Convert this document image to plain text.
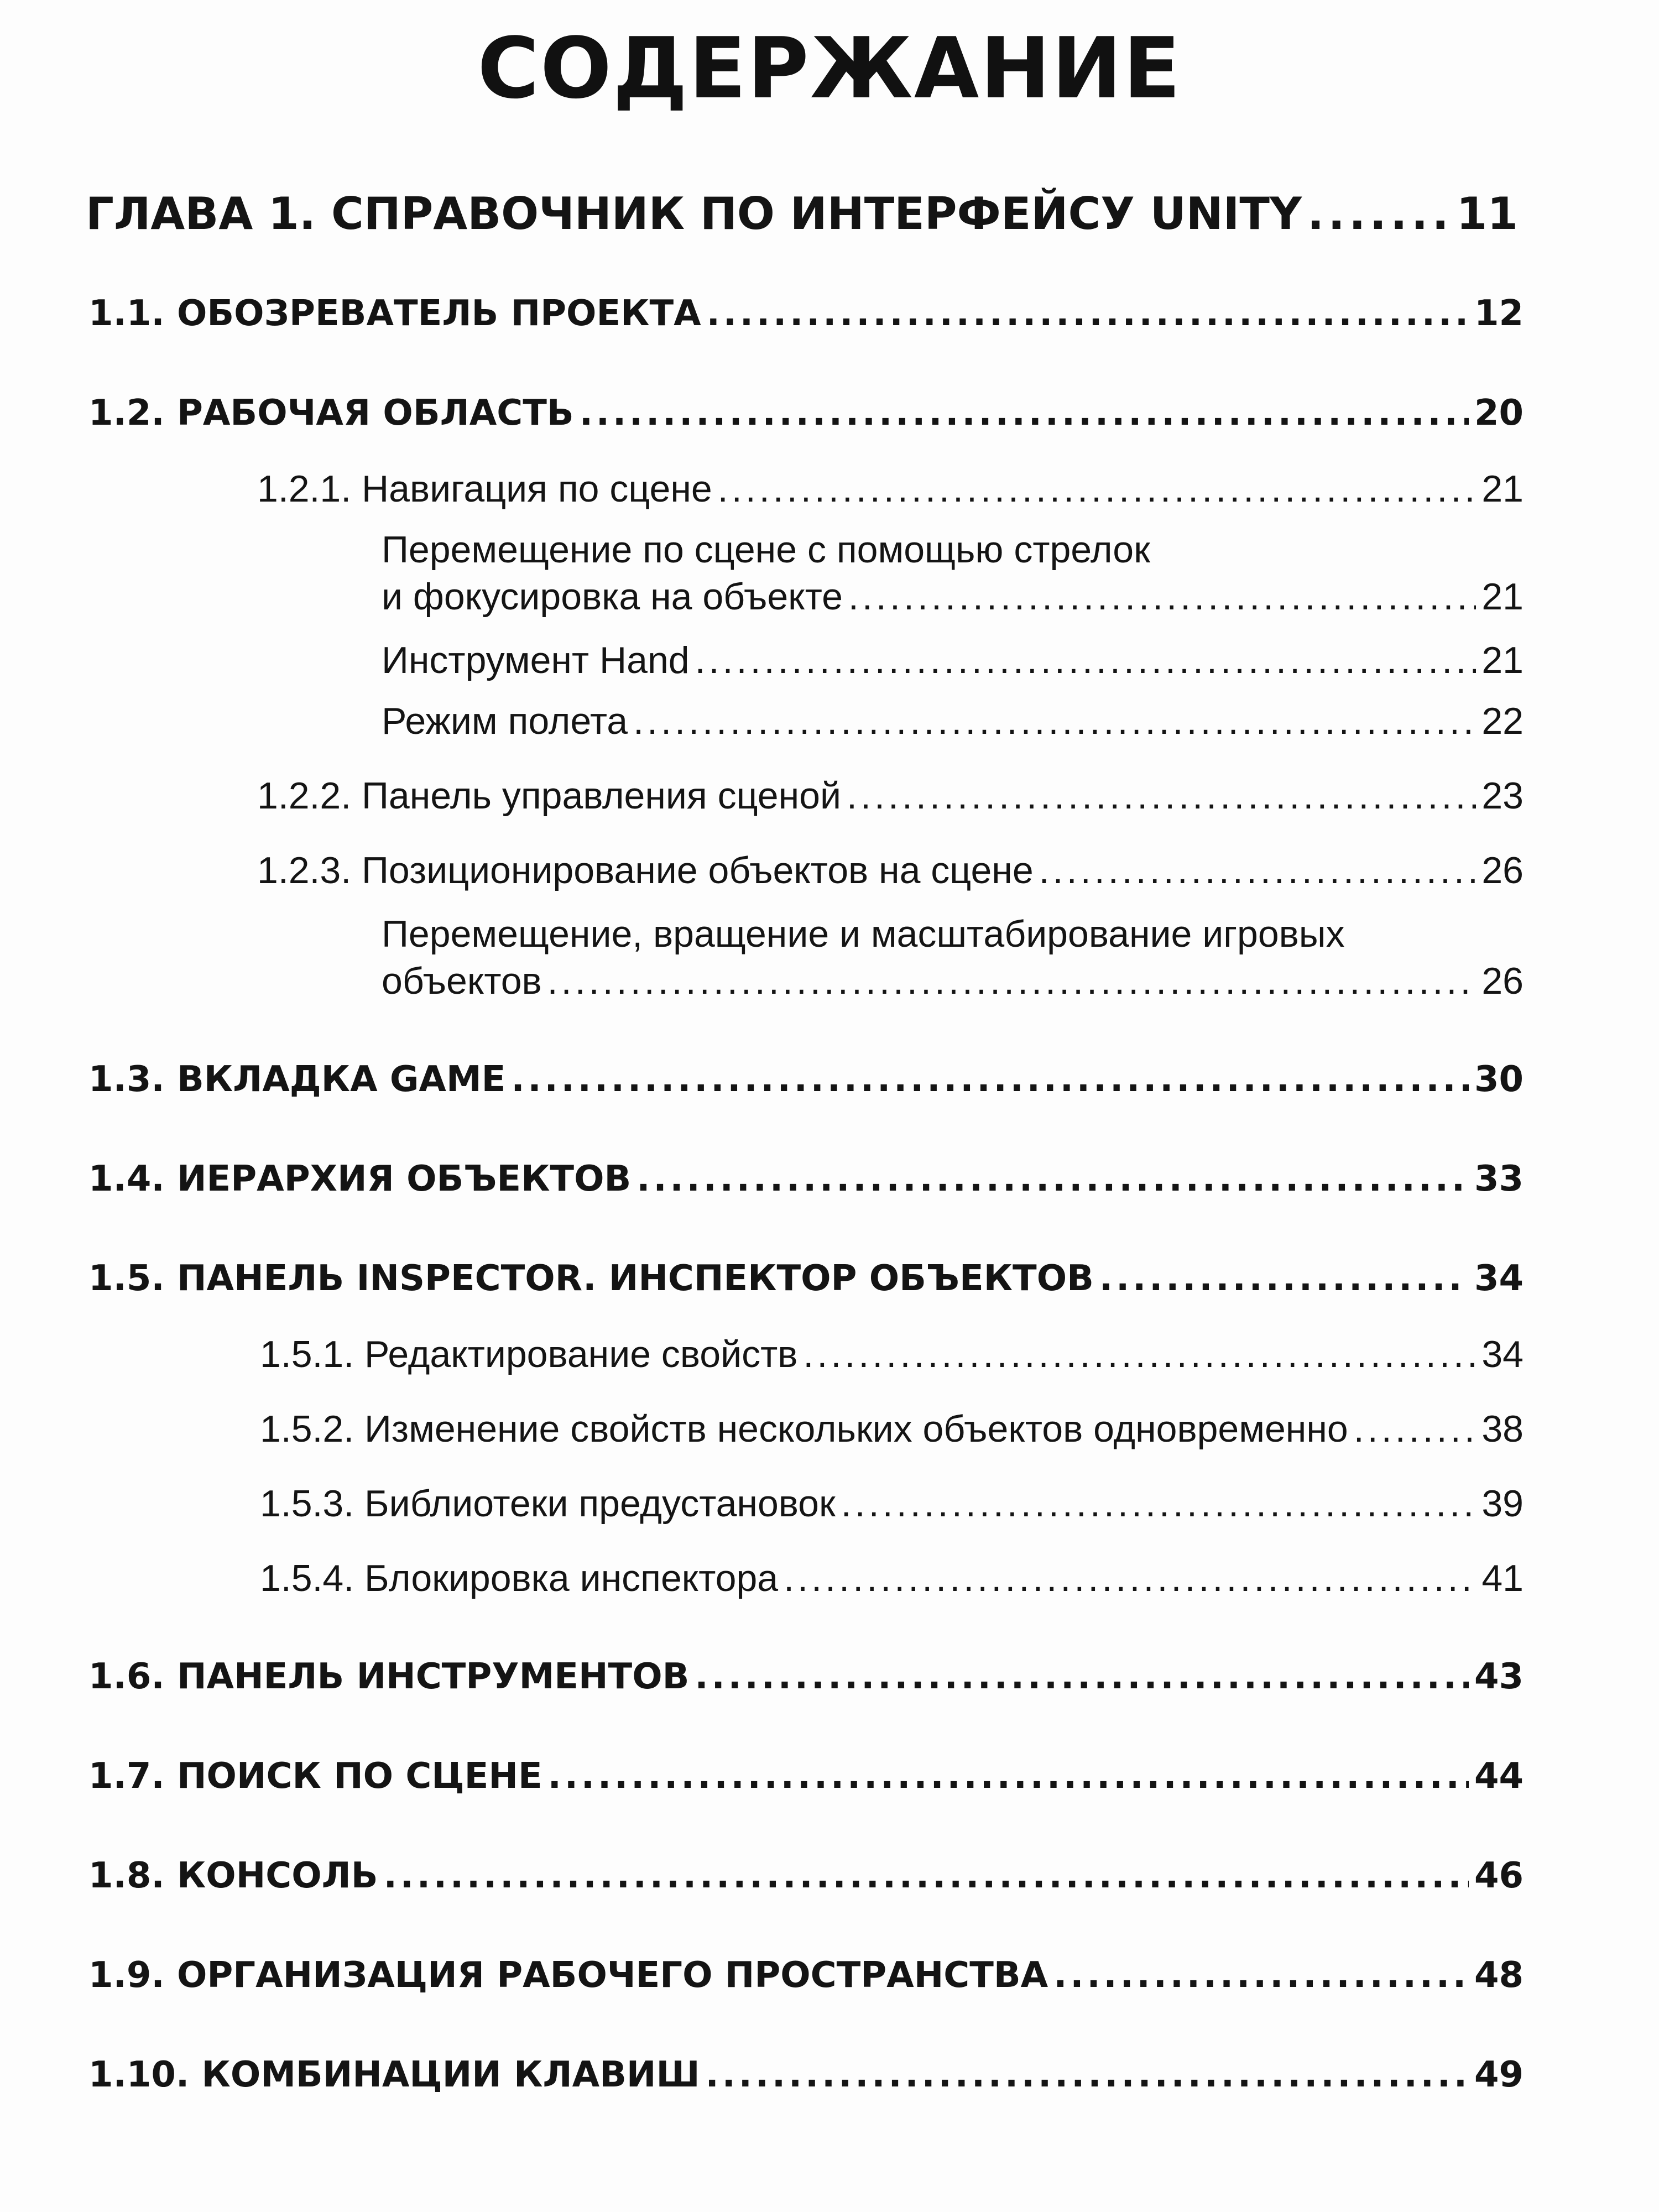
СОДЕРЖАНИЕ
ГЛАВА 1. СПРАВОЧНИК ПО ИНТЕРФЕЙСУ UNITY .....	11
1.1. ОБОЗРЕВАТЕЛЬ ПРОЕКТА .....	12
1.2. РАБОЧАЯ ОБЛАСТЬ .....	20
1.2.1. Навигация по сцене .....	21
Перемещение по сцене с помощью стрелок
и фокусировка на объекте .....	21
Инструмент Hand .....	21
Режим полета .....	22
1.2.2. Панель управления сценой .....	23
1.2.3. Позиционирование объектов на сцене .....	26
Перемещение, вращение и масштабирование игровых
объектов .....	26
1.3. ВКЛАДКА GAME .....	30
1.4. ИЕРАРХИЯ ОБЪЕКТОВ .....	33
1.5. ПАНЕЛЬ INSPECTOR. ИНСПЕКТОР ОБЪЕКТОВ .....	34
1.5.1. Редактирование свойств .....	34
1.5.2. Изменение свойств нескольких объектов одновременно .....	38
1.5.3. Библиотеки предустановок .....	39
1.5.4. Блокировка инспектора .....	41
1.6. ПАНЕЛЬ ИНСТРУМЕНТОВ .....	43
1.7. ПОИСК ПО СЦЕНЕ .....	44
1.8. КОНСОЛЬ .....	46
1.9. ОРГАНИЗАЦИЯ РАБОЧЕГО ПРОСТРАНСТВА .....	48
1.10. КОМБИНАЦИИ КЛАВИШ .....	49
